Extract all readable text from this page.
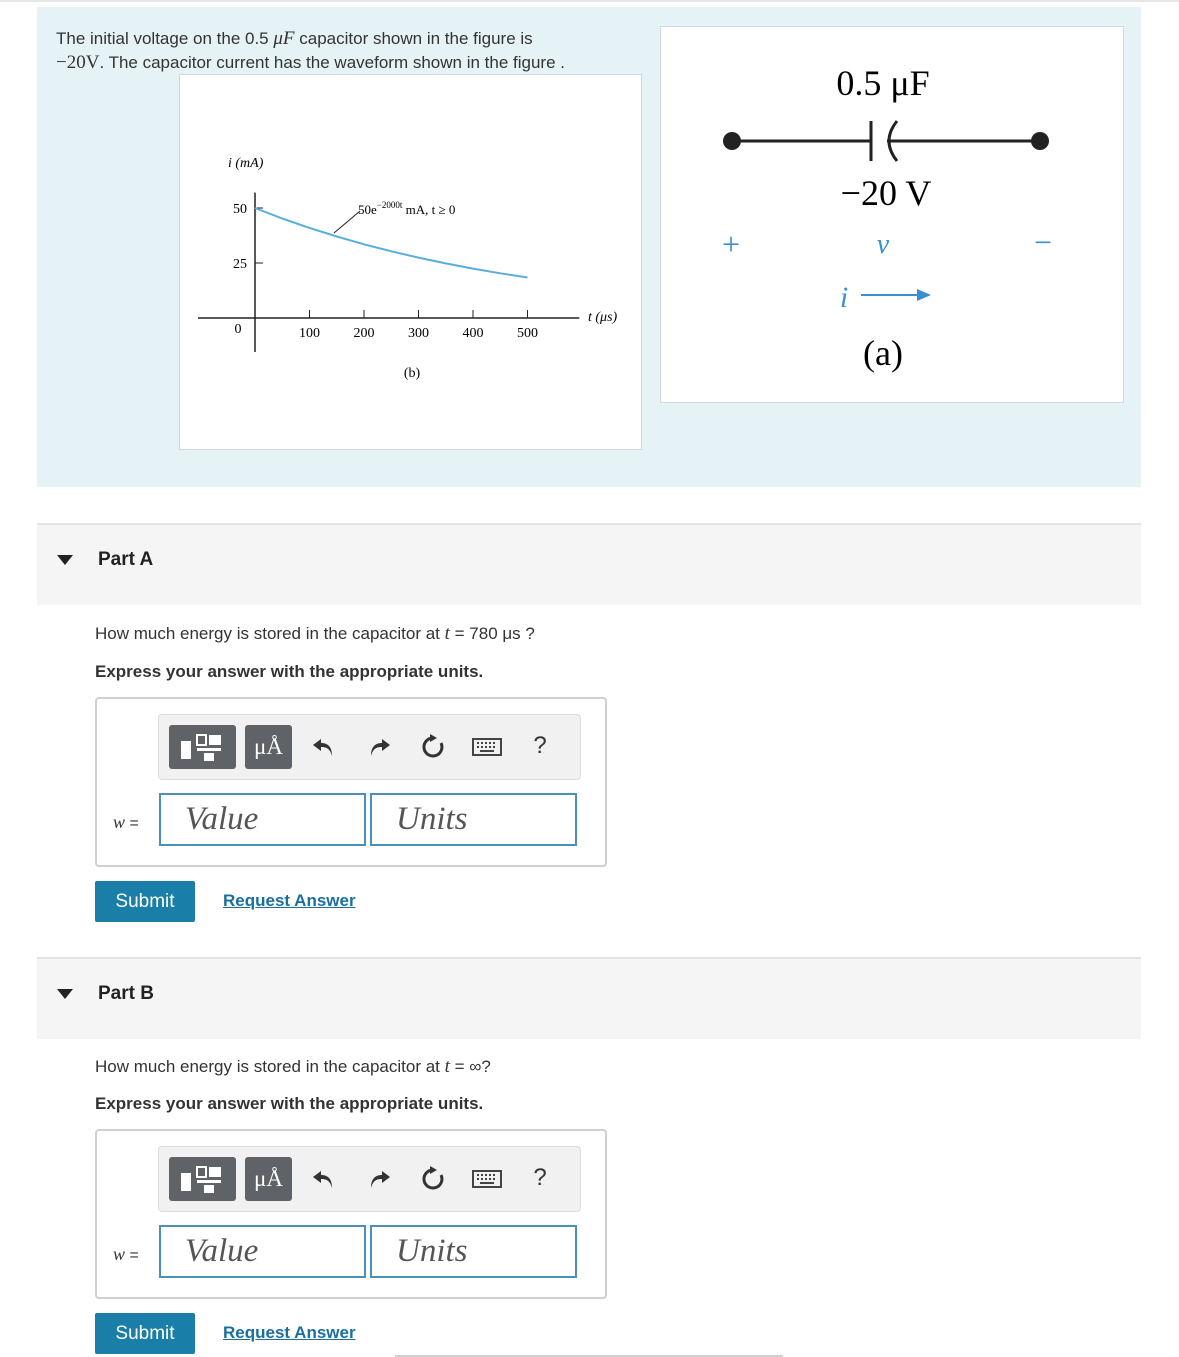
The initial voltage on the 0.5 μF capacitor shown in the figure is
−20V. The capacitor current has the waveform shown in the figure .
i (mA)
t (μs)
0
$50e^{-2000t}$ mA, t ≥ 0
(b)
100 200 300 400 500
50
25
0.5 μF
−20 V
+	v	−
i
(a)
Part A
How much energy is stored in the capacitor at t = 780 μs ?
Express your answer with the appropriate units.
μÅ	?
w =	Value	Units
Submit	Request Answer
Part B
How much energy is stored in the capacitor at t = ∞?
Express your answer with the appropriate units.
μÅ	?
w =	Value	Units
Submit	Request Answer
